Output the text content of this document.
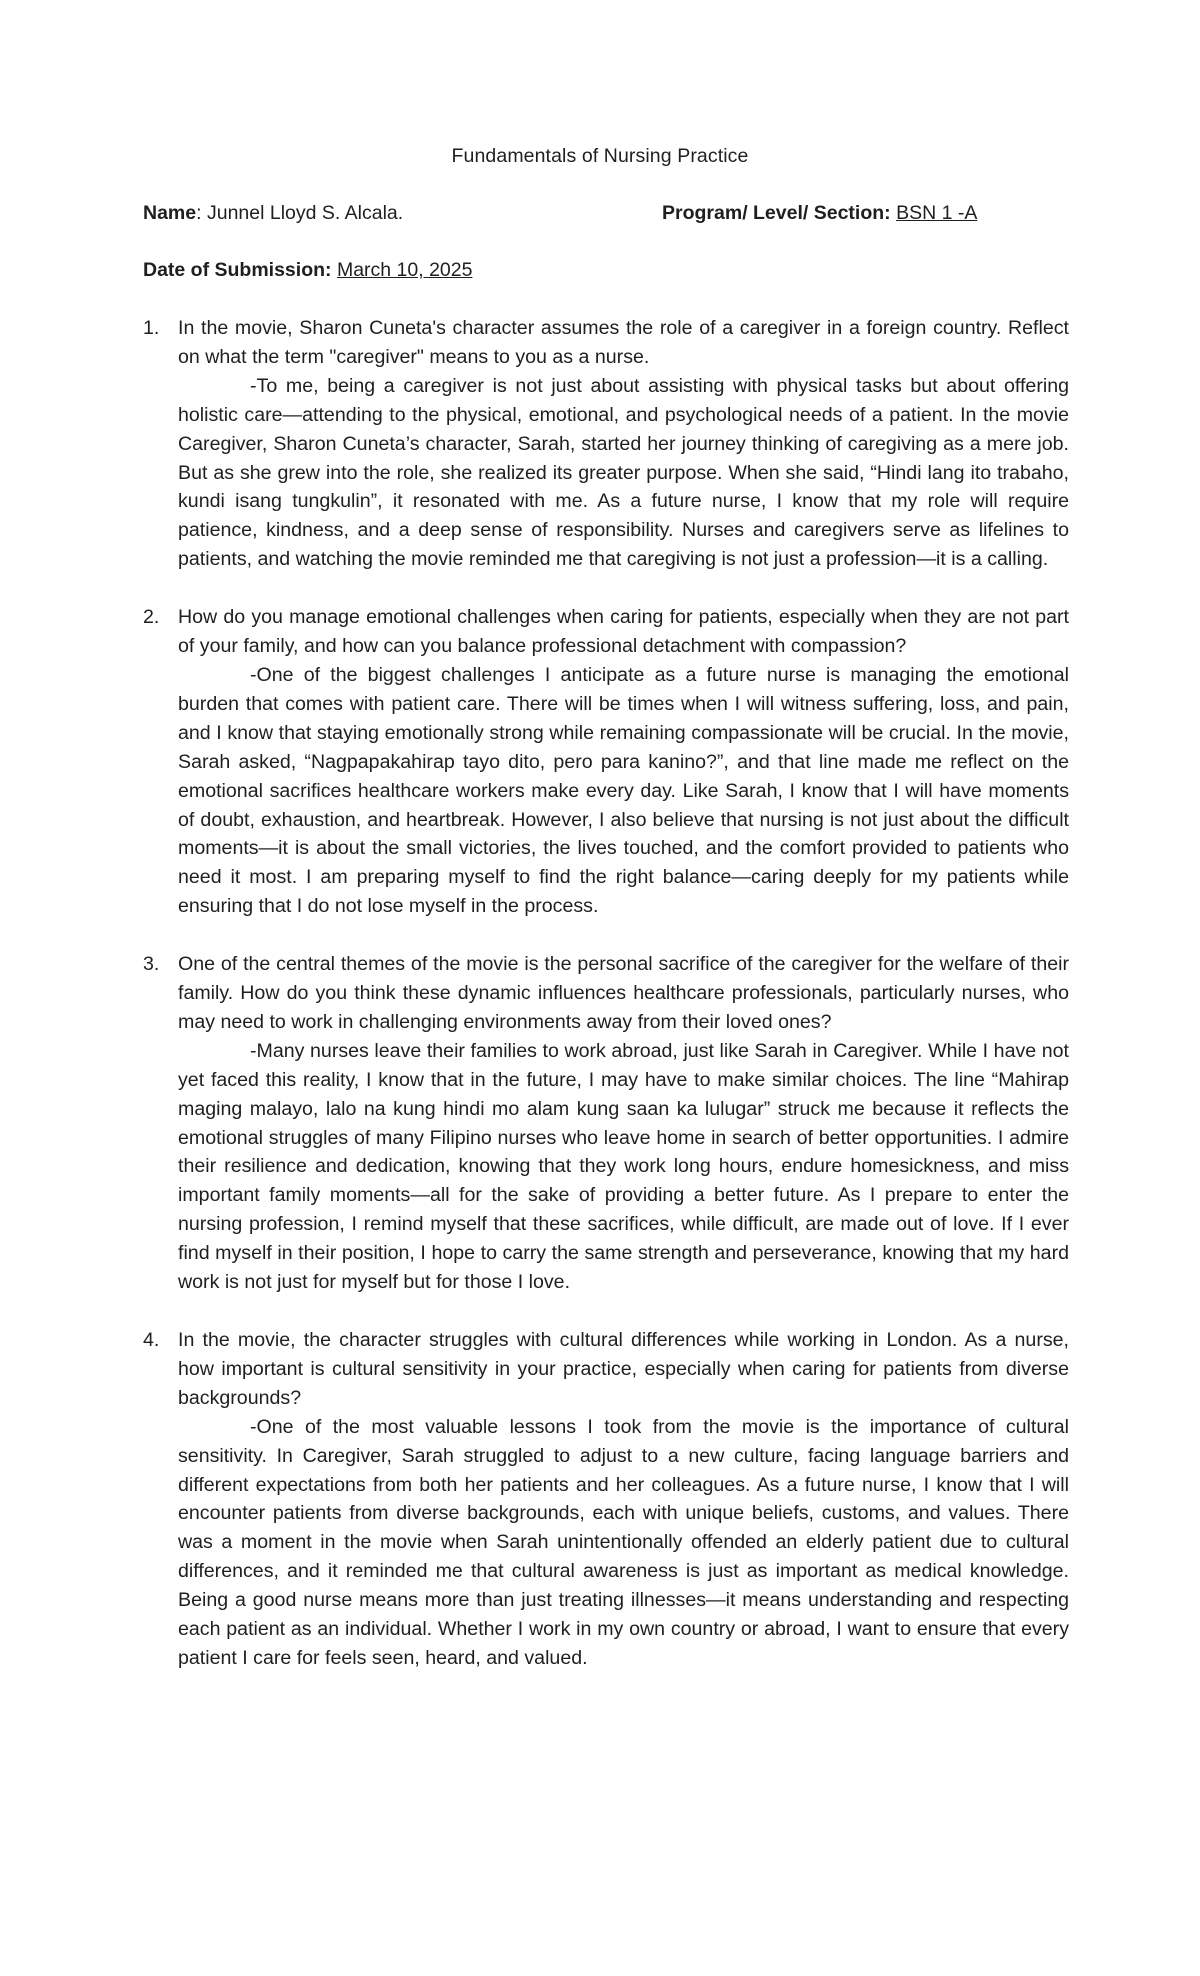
Fundamentals of Nursing Practice
Name: Junnel Lloyd S. Alcala.	Program/ Level/ Section: BSN 1 -A
Date of Submission: March 10, 2025
1. In the movie, Sharon Cuneta's character assumes the role of a caregiver in a foreign country. Reflect on what the term "caregiver" means to you as a nurse.
-To me, being a caregiver is not just about assisting with physical tasks but about offering holistic care—attending to the physical, emotional, and psychological needs of a patient. In the movie Caregiver, Sharon Cuneta’s character, Sarah, started her journey thinking of caregiving as a mere job. But as she grew into the role, she realized its greater purpose. When she said, “Hindi lang ito trabaho, kundi isang tungkulin”, it resonated with me. As a future nurse, I know that my role will require patience, kindness, and a deep sense of responsibility. Nurses and caregivers serve as lifelines to patients, and watching the movie reminded me that caregiving is not just a profession—it is a calling.
2. How do you manage emotional challenges when caring for patients, especially when they are not part of your family, and how can you balance professional detachment with compassion?
-One of the biggest challenges I anticipate as a future nurse is managing the emotional burden that comes with patient care. There will be times when I will witness suffering, loss, and pain, and I know that staying emotionally strong while remaining compassionate will be crucial. In the movie, Sarah asked, “Nagpapakahirap tayo dito, pero para kanino?”, and that line made me reflect on the emotional sacrifices healthcare workers make every day. Like Sarah, I know that I will have moments of doubt, exhaustion, and heartbreak. However, I also believe that nursing is not just about the difficult moments—it is about the small victories, the lives touched, and the comfort provided to patients who need it most. I am preparing myself to find the right balance—caring deeply for my patients while ensuring that I do not lose myself in the process.
3. One of the central themes of the movie is the personal sacrifice of the caregiver for the welfare of their family. How do you think these dynamic influences healthcare professionals, particularly nurses, who may need to work in challenging environments away from their loved ones?
-Many nurses leave their families to work abroad, just like Sarah in Caregiver. While I have not yet faced this reality, I know that in the future, I may have to make similar choices. The line “Mahirap maging malayo, lalo na kung hindi mo alam kung saan ka lulugar” struck me because it reflects the emotional struggles of many Filipino nurses who leave home in search of better opportunities. I admire their resilience and dedication, knowing that they work long hours, endure homesickness, and miss important family moments—all for the sake of providing a better future. As I prepare to enter the nursing profession, I remind myself that these sacrifices, while difficult, are made out of love. If I ever find myself in their position, I hope to carry the same strength and perseverance, knowing that my hard work is not just for myself but for those I love.
4. In the movie, the character struggles with cultural differences while working in London. As a nurse, how important is cultural sensitivity in your practice, especially when caring for patients from diverse backgrounds?
-One of the most valuable lessons I took from the movie is the importance of cultural sensitivity. In Caregiver, Sarah struggled to adjust to a new culture, facing language barriers and different expectations from both her patients and her colleagues. As a future nurse, I know that I will encounter patients from diverse backgrounds, each with unique beliefs, customs, and values. There was a moment in the movie when Sarah unintentionally offended an elderly patient due to cultural differences, and it reminded me that cultural awareness is just as important as medical knowledge. Being a good nurse means more than just treating illnesses—it means understanding and respecting each patient as an individual. Whether I work in my own country or abroad, I want to ensure that every patient I care for feels seen, heard, and valued.
